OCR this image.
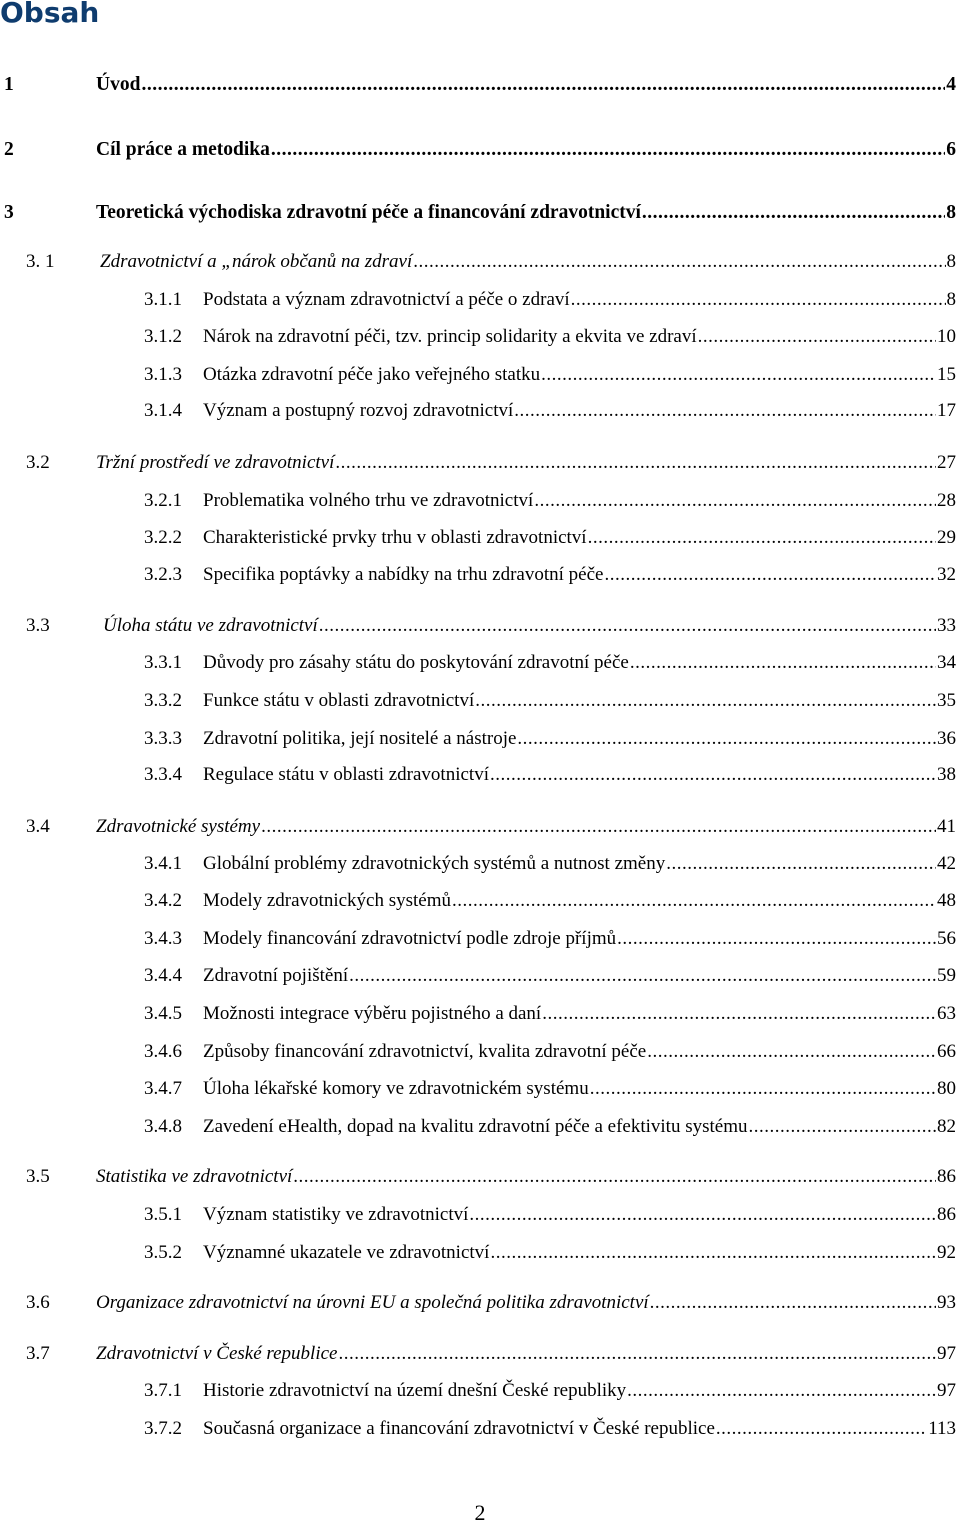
Obsah
1	Úvod .....	4
2	Cíl práce a metodika .....	6
3	Teoretická východiska zdravotní péče a financování zdravotnictví .....	8
3. 1	Zdravotnictví a „nárok občanů na zdraví .....	8
3.1.1	Podstata a význam zdravotnictví a péče o zdraví .....	8
3.1.2	Nárok na zdravotní péči, tzv. princip solidarity a ekvita ve zdraví .....	10
3.1.3	Otázka zdravotní péče jako veřejného statku .....	15
3.1.4	Význam a postupný rozvoj zdravotnictví .....	17
3.2	Tržní prostředí ve zdravotnictví .....	27
3.2.1	Problematika volného trhu ve zdravotnictví .....	28
3.2.2	Charakteristické prvky trhu v oblasti zdravotnictví .....	29
3.2.3	Specifika poptávky a nabídky na trhu zdravotní péče .....	32
3.3	Úloha státu ve zdravotnictví .....	33
3.3.1	Důvody pro zásahy státu do poskytování zdravotní péče .....	34
3.3.2	Funkce státu v oblasti zdravotnictví .....	35
3.3.3	Zdravotní politika, její nositelé a nástroje .....	36
3.3.4	Regulace státu v oblasti zdravotnictví .....	38
3.4	Zdravotnické systémy .....	41
3.4.1	Globální problémy zdravotnických systémů a nutnost změny .....	42
3.4.2	Modely zdravotnických systémů .....	48
3.4.3	Modely financování zdravotnictví podle zdroje příjmů .....	56
3.4.4	Zdravotní pojištění .....	59
3.4.5	Možnosti integrace výběru pojistného a daní .....	63
3.4.6	Způsoby financování zdravotnictví, kvalita zdravotní péče .....	66
3.4.7	Úloha lékařské komory ve zdravotnickém systému .....	80
3.4.8	Zavedení eHealth, dopad na kvalitu zdravotní péče a efektivitu systému .....	82
3.5	Statistika ve zdravotnictví .....	86
3.5.1	Význam statistiky ve zdravotnictví .....	86
3.5.2	Významné ukazatele ve zdravotnictví .....	92
3.6	Organizace zdravotnictví na úrovni EU a společná politika zdravotnictví .....	93
3.7	Zdravotnictví v České republice .....	97
3.7.1	Historie zdravotnictví na území dnešní České republiky .....	97
3.7.2	Současná organizace a financování zdravotnictví v České republice .....	113
2
